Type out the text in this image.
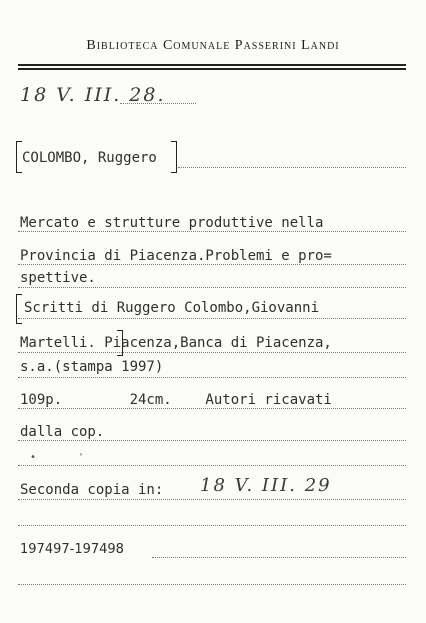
Biblioteca Comunale Passerini Landi
18 V. III. 28.
COLOMBO, Ruggero
Mercato e strutture produttive nella
Provincia di Piacenza.Problemi e pro=
spettive.
Scritti di Ruggero Colombo,Giovanni
Martelli. Piacenza,Banca di Piacenza,
s.a.(stampa 1997)
109p.        24cm.    Autori ricavati
dalla cop.
• '
Seconda copia in: 18 V. III. 29
197497-197498
